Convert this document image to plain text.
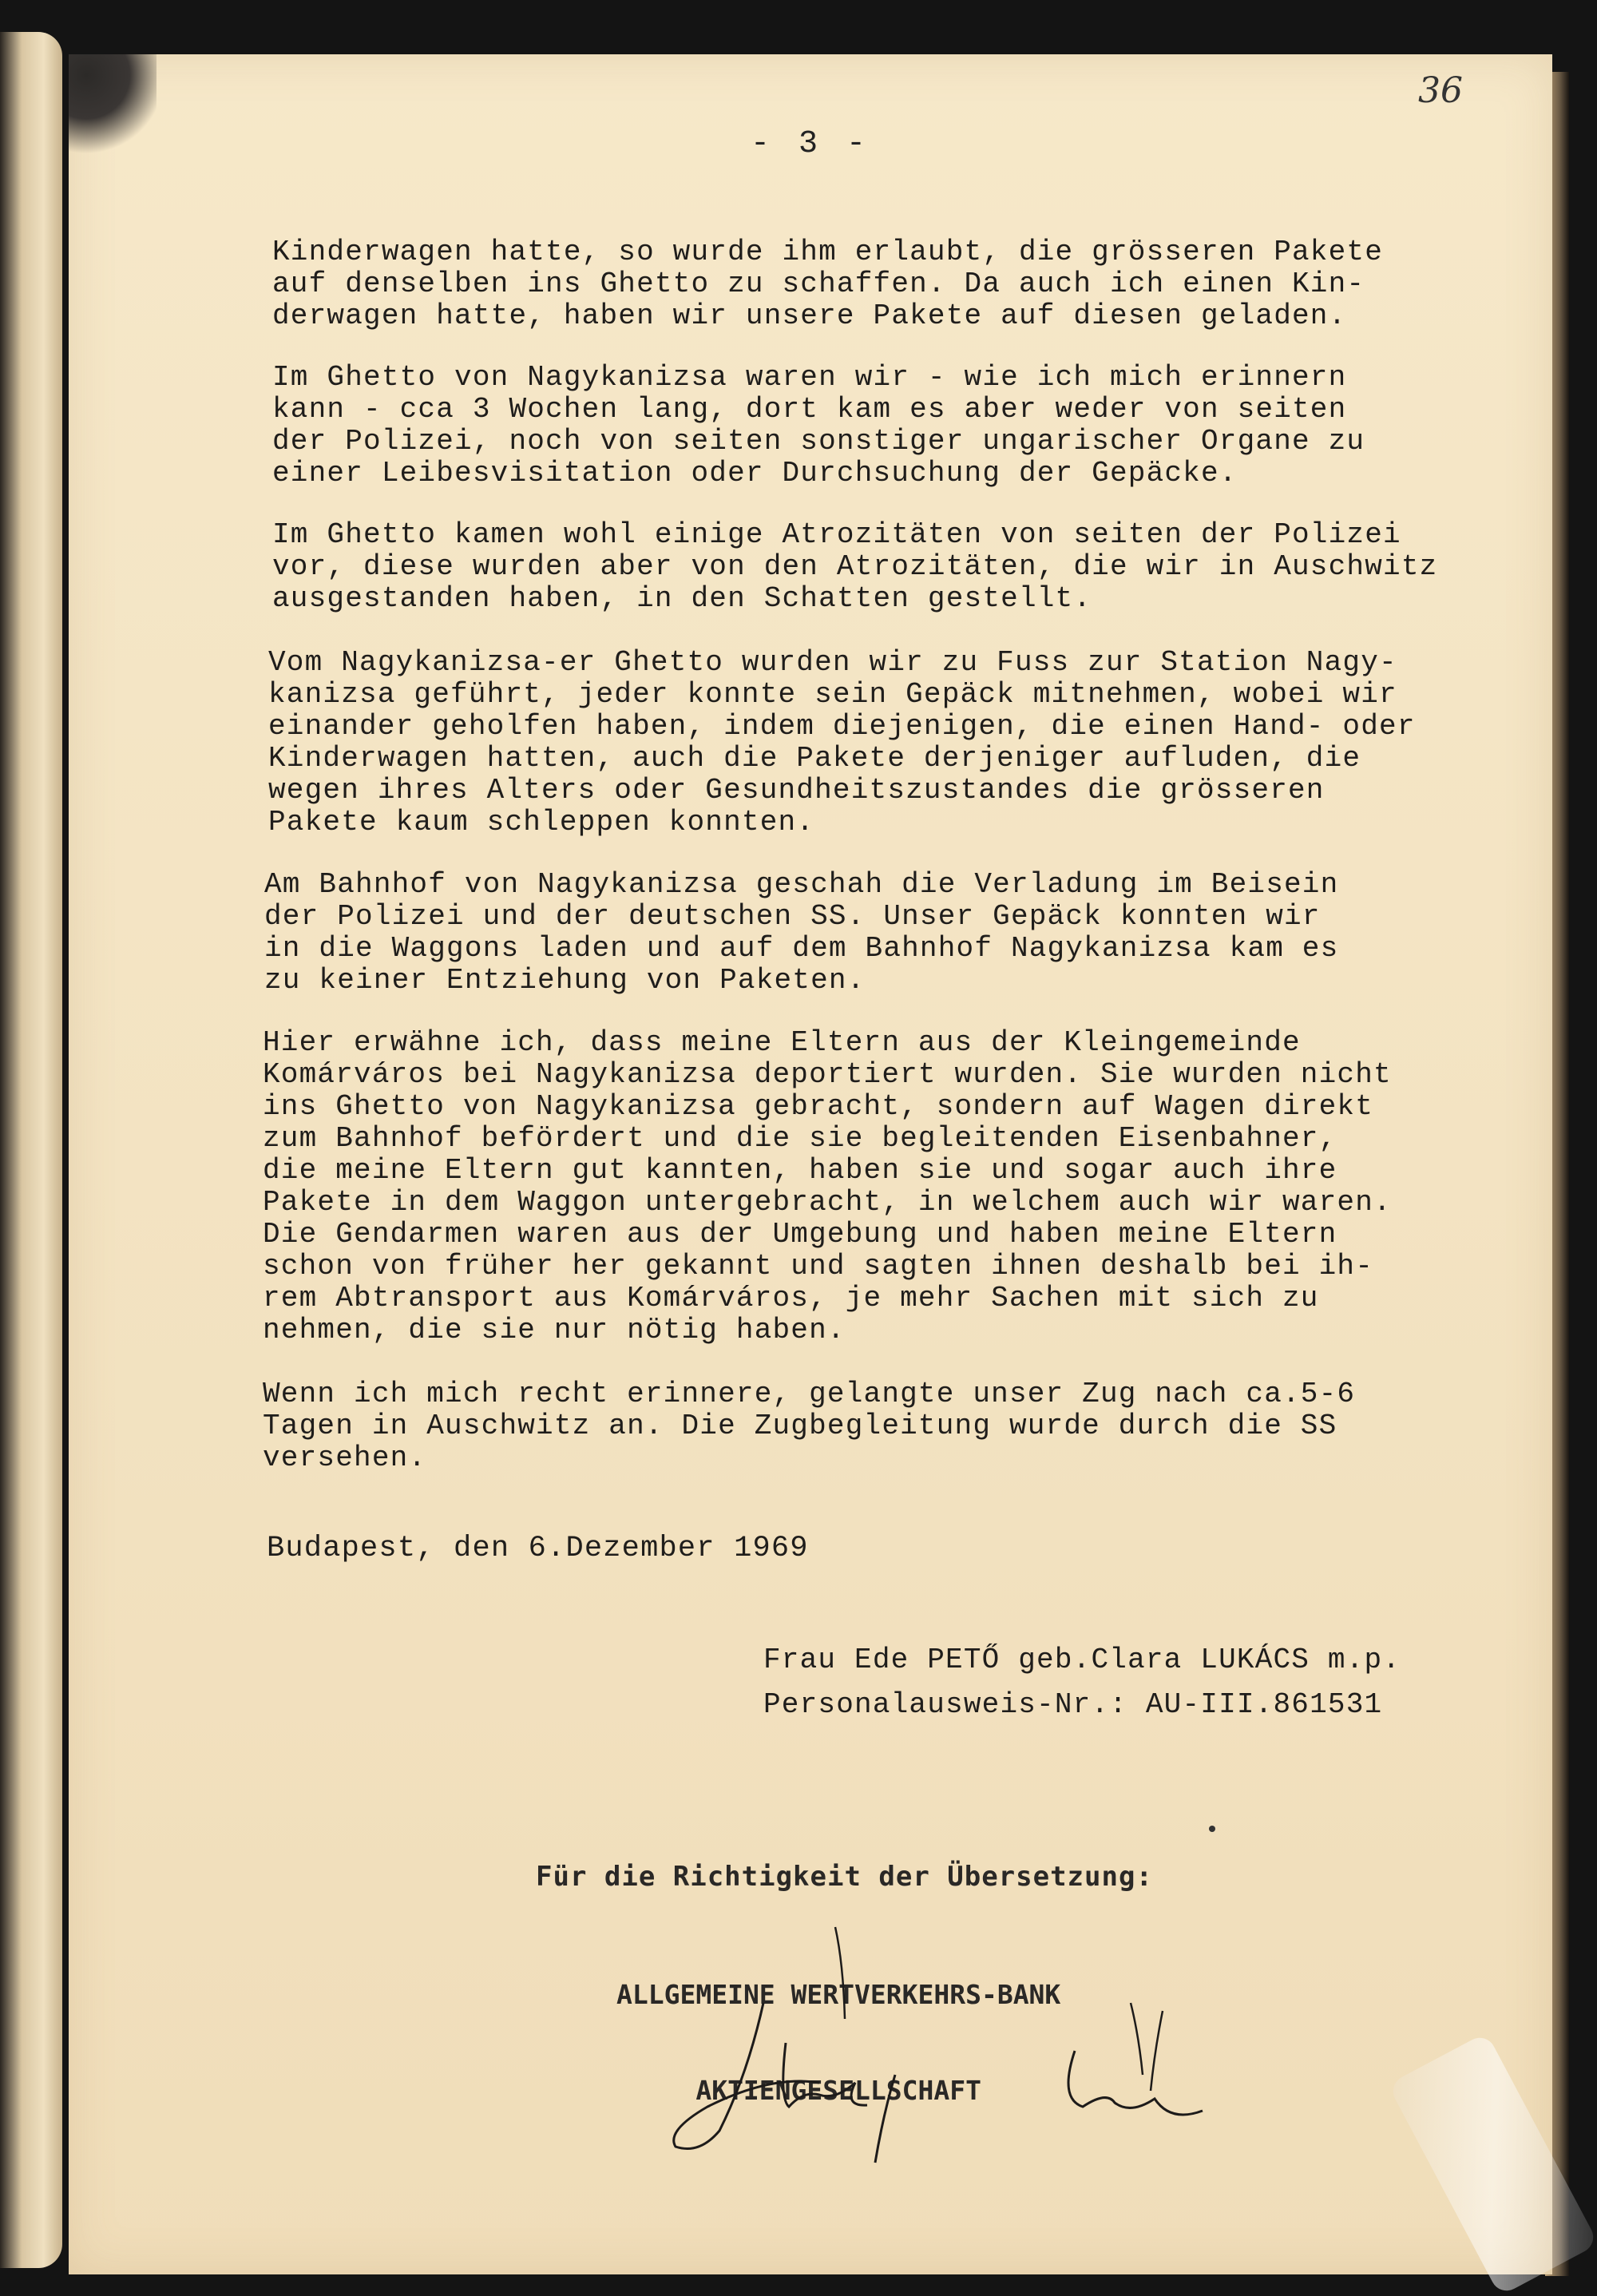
- 3 -
36

Kinderwagen hatte, so wurde ihm erlaubt, die grösseren Pakete
auf denselben ins Ghetto zu schaffen. Da auch ich einen Kin-
derwagen hatte, haben wir unsere Pakete auf diesen geladen.

Im Ghetto von Nagykanizsa waren wir - wie ich mich erinnern
kann - cca 3 Wochen lang, dort kam es aber weder von seiten
der Polizei, noch von seiten sonstiger ungarischer Organe zu
einer Leibesvisitation oder Durchsuchung der Gepäcke.

Im Ghetto kamen wohl einige Atrozitäten von seiten der Polizei
vor, diese wurden aber von den Atrozitäten, die wir in Auschwitz
ausgestanden haben, in den Schatten gestellt.

Vom Nagykanizsa-er Ghetto wurden wir zu Fuss zur Station Nagy-
kanizsa geführt, jeder konnte sein Gepäck mitnehmen, wobei wir
einander geholfen haben, indem diejenigen, die einen Hand- oder
Kinderwagen hatten, auch die Pakete derjeniger aufluden, die
wegen ihres Alters oder Gesundheitszustandes die grösseren
Pakete kaum schleppen konnten.

Am Bahnhof von Nagykanizsa geschah die Verladung im Beisein
der Polizei und der deutschen SS. Unser Gepäck konnten wir
in die Waggons laden und auf dem Bahnhof Nagykanizsa kam es
zu keiner Entziehung von Paketen.

Hier erwähne ich, dass meine Eltern aus der Kleingemeinde
Komárváros bei Nagykanizsa deportiert wurden. Sie wurden nicht
ins Ghetto von Nagykanizsa gebracht, sondern auf Wagen direkt
zum Bahnhof befördert und die sie begleitenden Eisenbahner,
die meine Eltern gut kannten, haben sie und sogar auch ihre
Pakete in dem Waggon untergebracht, in welchem auch wir waren.
Die Gendarmen waren aus der Umgebung und haben meine Eltern
schon von früher her gekannt und sagten ihnen deshalb bei ih-
rem Abtransport aus Komárváros, je mehr Sachen mit sich zu
nehmen, die sie nur nötig haben.

Wenn ich mich recht erinnere, gelangte unser Zug nach ca.5-6
Tagen in Auschwitz an. Die Zugbegleitung wurde durch die SS
versehen.

Budapest, den 6.Dezember 1969
Frau Ede PETŐ geb.Clara LUKÁCS m.p.
Personalausweis-Nr.: AU-III.861531
Für die Richtigkeit der Übersetzung:

ALLGEMEINE WERTVERKEHRS-BANK

AKTIENGESELLSCHAFT
